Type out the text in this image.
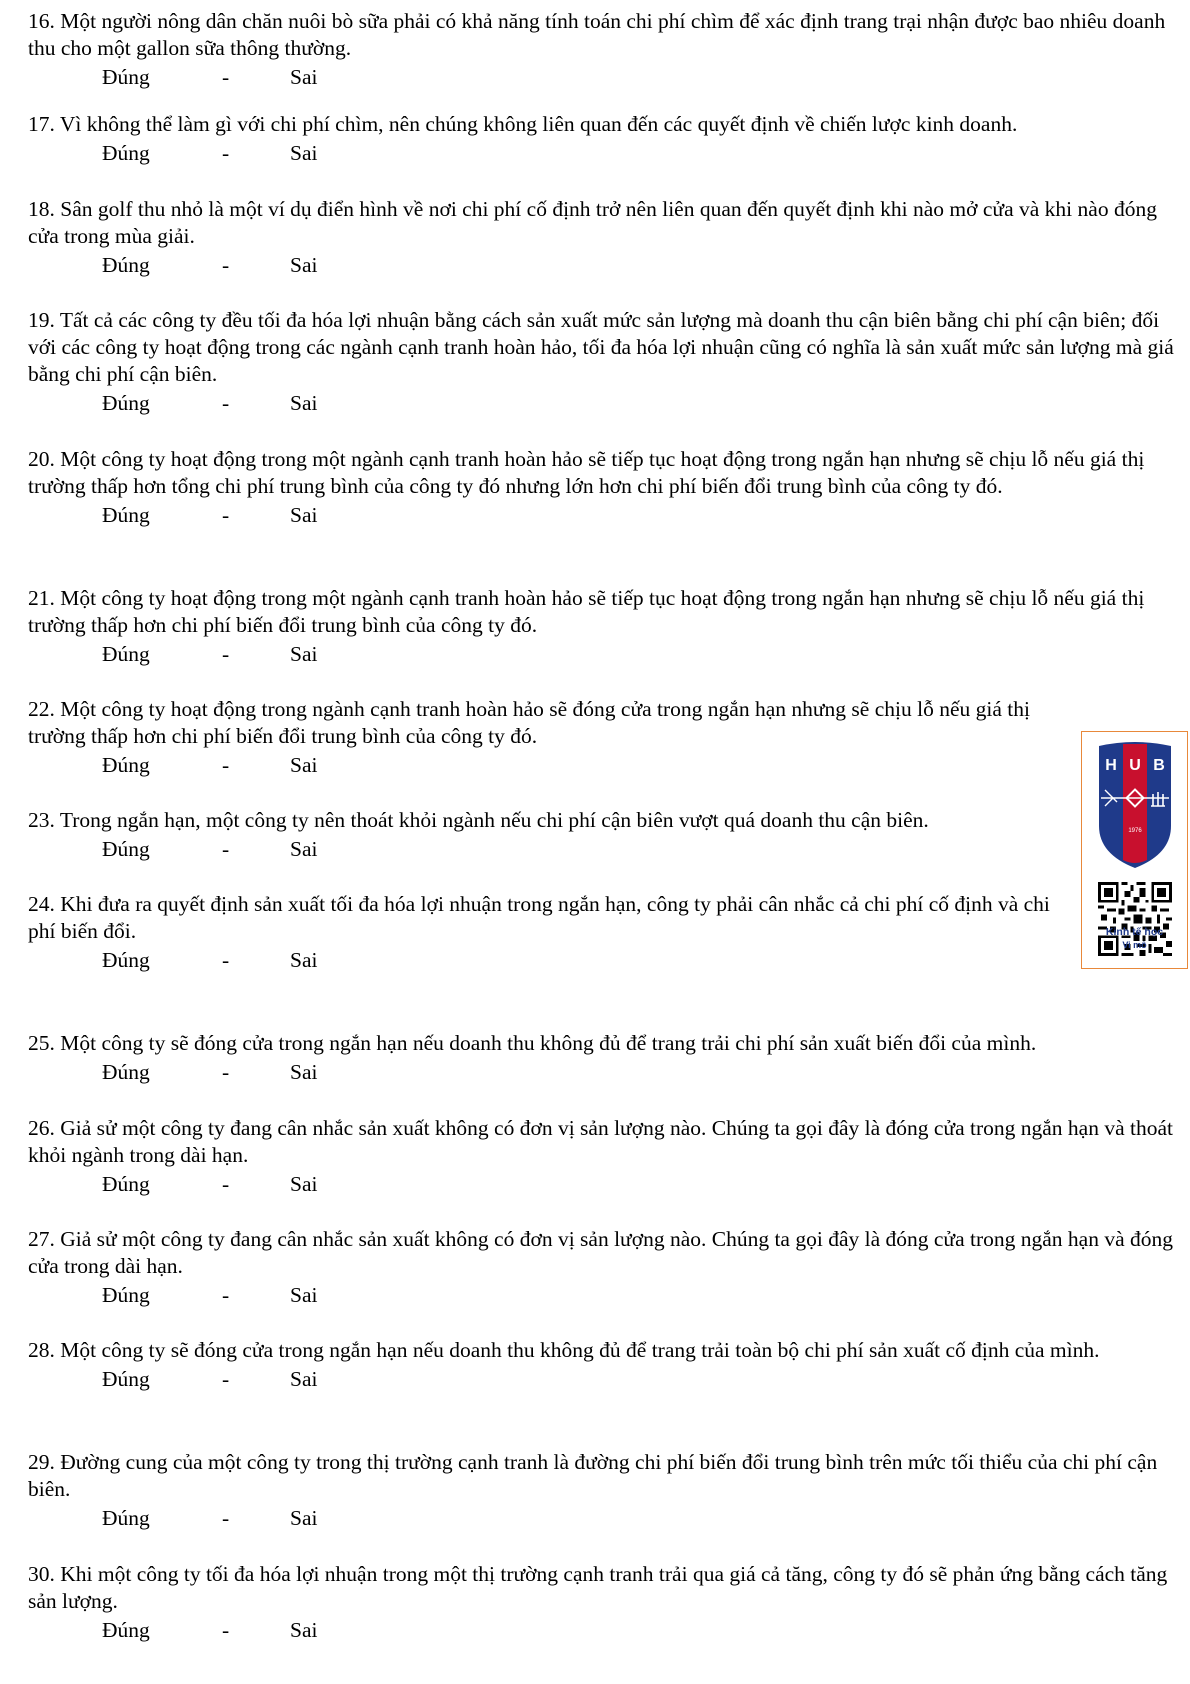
16. Một người nông dân chăn nuôi bò sữa phải có khả năng tính toán chi phí chìm để xác định trang trại nhận được bao nhiêu doanh thu cho một gallon sữa thông thường.

Đúng	-	Sai

17. Vì không thể làm gì với chi phí chìm, nên chúng không liên quan đến các quyết định về chiến lược kinh doanh.

Đúng	-	Sai

18. Sân golf thu nhỏ là một ví dụ điển hình về nơi chi phí cố định trở nên liên quan đến quyết định khi nào mở cửa và khi nào đóng cửa trong mùa giải.

Đúng	-	Sai

19. Tất cả các công ty đều tối đa hóa lợi nhuận bằng cách sản xuất mức sản lượng mà doanh thu cận biên bằng chi phí cận biên; đối với các công ty hoạt động trong các ngành cạnh tranh hoàn hảo, tối đa hóa lợi nhuận cũng có nghĩa là sản xuất mức sản lượng mà giá bằng chi phí cận biên.

Đúng	-	Sai

20. Một công ty hoạt động trong một ngành cạnh tranh hoàn hảo sẽ tiếp tục hoạt động trong ngắn hạn nhưng sẽ chịu lỗ nếu giá thị trường thấp hơn tổng chi phí trung bình của công ty đó nhưng lớn hơn chi phí biến đổi trung bình của công ty đó.

Đúng	-	Sai

21. Một công ty hoạt động trong một ngành cạnh tranh hoàn hảo sẽ tiếp tục hoạt động trong ngắn hạn nhưng sẽ chịu lỗ nếu giá thị trường thấp hơn chi phí biến đổi trung bình của công ty đó.

Đúng	-	Sai

22. Một công ty hoạt động trong ngành cạnh tranh hoàn hảo sẽ đóng cửa trong ngắn hạn nhưng sẽ chịu lỗ nếu giá thị trường thấp hơn chi phí biến đổi trung bình của công ty đó.

Đúng	-	Sai

23. Trong ngắn hạn, một công ty nên thoát khỏi ngành nếu chi phí cận biên vượt quá doanh thu cận biên.

Đúng	-	Sai

24. Khi đưa ra quyết định sản xuất tối đa hóa lợi nhuận trong ngắn hạn, công ty phải cân nhắc cả chi phí cố định và chi phí biến đổi.

Đúng	-	Sai

25. Một công ty sẽ đóng cửa trong ngắn hạn nếu doanh thu không đủ để trang trải chi phí sản xuất biến đổi của mình.

Đúng	-	Sai

26. Giả sử một công ty đang cân nhắc sản xuất không có đơn vị sản lượng nào. Chúng ta gọi đây là đóng cửa trong ngắn hạn và thoát khỏi ngành trong dài hạn.

Đúng	-	Sai

27. Giả sử một công ty đang cân nhắc sản xuất không có đơn vị sản lượng nào. Chúng ta gọi đây là đóng cửa trong ngắn hạn và đóng cửa trong dài hạn.

Đúng	-	Sai

28. Một công ty sẽ đóng cửa trong ngắn hạn nếu doanh thu không đủ để trang trải toàn bộ chi phí sản xuất cố định của mình.

Đúng	-	Sai

29. Đường cung của một công ty trong thị trường cạnh tranh là đường chi phí biến đổi trung bình trên mức tối thiểu của chi phí cận biên.

Đúng	-	Sai

30. Khi một công ty tối đa hóa lợi nhuận trong một thị trường cạnh tranh trải qua giá cả tăng, công ty đó sẽ phản ứng bằng cách tăng sản lượng.

Đúng	-	Sai
H U B
1976
Kinh tế học
Vi mô
